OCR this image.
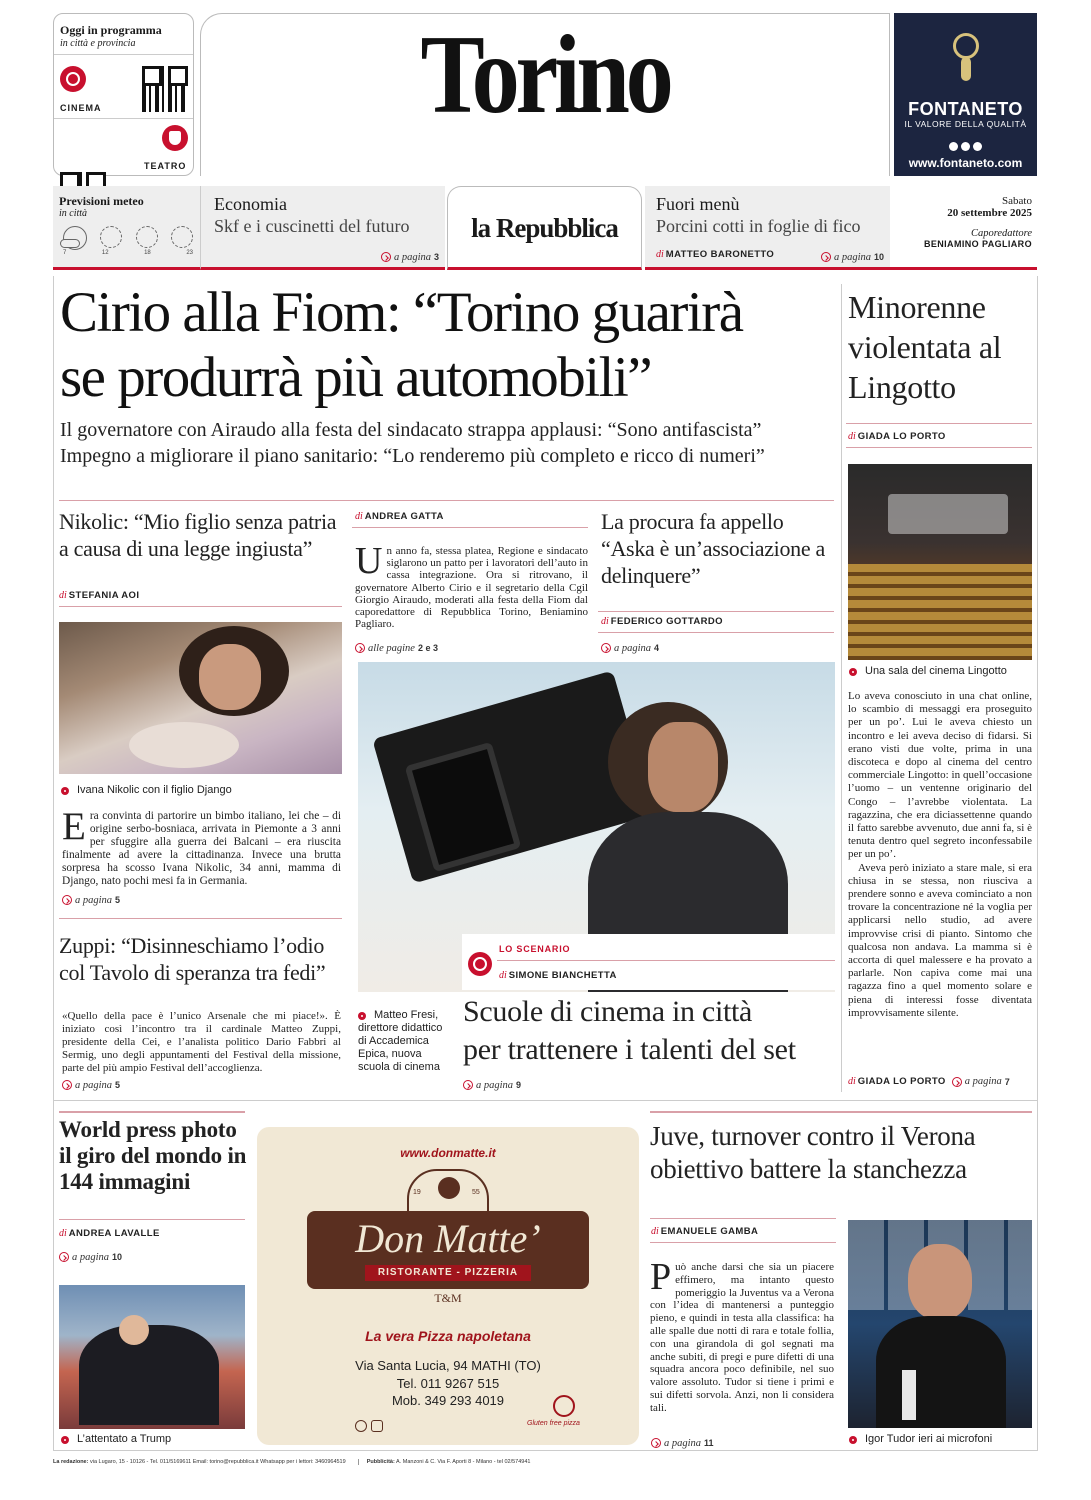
Oggi in programma
in città e provincia
CINEMA
TEATRO
Torino	FONTANETO
IL VALORE DELLA QUALITÀ
www.fontaneto.com
Previsioni meteo
in città
7	12	18	23
Economia
Skf e i cuscinetti del futuro
a pagina 3
la Repubblica
Fuori menù
Porcini cotti in foglie di fico
di MATTEO BARONETTO	a pagina 10
Sabato
20 settembre 2025
Caporedattore
BENIAMINO PAGLIARO
Cirio alla Fiom: “Torino guarirà
se produrrà più automobili”
Il governatore con Airaudo alla festa del sindacato strappa applausi: “Sono antifascista”
Impegno a migliorare il piano sanitario: “Lo renderemo più completo e ricco di numeri”
Nikolic: “Mio figlio senza patria a causa di una legge ingiusta”
di STEFANIA AOI
Ivana Nikolic con il figlio Django
Era convinta di partorire un bimbo italiano, lei che – di origine serbo-bosniaca, arrivata in Piemonte a 3 anni per sfuggire alla guerra dei Balcani – era riuscita finalmente ad avere la cittadinanza. Invece una brutta sorpresa ha scosso Ivana Nikolic, 34 anni, mamma di Django, nato pochi mesi fa in Germania.
a pagina 5
di ANDREA GATTA
Un anno fa, stessa platea, Regione e sindacato siglarono un patto per i lavoratori dell’auto in cassa integrazione. Ora si ritrovano, il governatore Alberto Cirio e il segretario della Cgil Giorgio Airaudo, moderati alla festa della Fiom dal caporedattore di Repubblica Torino, Beniamino Pagliaro.
alle pagine 2 e 3
La procura fa appello “Aska è un’associazione a delinquere”
di FEDERICO GOTTARDO
a pagina 4
LO SCENARIO
di SIMONE BIANCHETTA
Scuole di cinema in città
per trattenere i talenti del set
a pagina 9
Matteo Fresi, direttore didattico di Accademica Epica, nuova scuola di cinema
Zuppi: “Disinneschiamo l’odio col Tavolo di speranza tra fedi”
«Quello della pace è l’unico Arsenale che mi piace!». È iniziato così l’incontro tra il cardinale Matteo Zuppi, presidente della Cei, e l’analista politico Dario Fabbri al Sermig, uno degli appuntamenti del Festival della missione, parte del più ampio Festival dell’accoglienza.
a pagina 5
Minorenne violentata al Lingotto
di GIADA LO PORTO
Una sala del cinema Lingotto
Lo aveva conosciuto in una chat online, lo scambio di messaggi era proseguito per un po’. Lui le aveva chiesto un incontro e lei aveva deciso di fidarsi. Si erano visti due volte, prima in una discoteca e dopo al cinema del centro commerciale Lingotto: in quell’occasione l’uomo – un ventenne originario del Congo – l’avrebbe violentata. La ragazzina, che era diciassettenne quando il fatto sarebbe avvenuto, due anni fa, si è tenuta dentro quel segreto inconfessabile per un po’.
Aveva però iniziato a stare male, si era chiusa in se stessa, non riusciva a prendere sonno e aveva cominciato a non trovare la concentrazione né la voglia per applicarsi nello studio, ad avere improvvise crisi di pianto. Sintomo che qualcosa non andava. La mamma si è accorta di quel malessere e ha provato a parlarle. Non capiva come mai una ragazza fino a quel momento solare e piena di interessi fosse diventata improvvisamente silente.
di GIADA LO PORTO a pagina 7
World press photo il giro del mondo in 144 immagini
di ANDREA LAVALLE
a pagina 10
L’attentato a Trump
www.donmatte.it
19	55
Don Matte’
RISTORANTE - PIZZERIA
T&M
La vera Pizza napoletana
Via Santa Lucia, 94 MATHI (TO)
Tel. 011 9267 515
Mob. 349 293 4019
Gluten free pizza
Juve, turnover contro il Verona
obiettivo battere la stanchezza
di EMANUELE GAMBA
Può anche darsi che sia un piacere effimero, ma intanto questo pomeriggio la Juventus va a Verona con l’idea di mantenersi a punteggio pieno, e quindi in testa alla classifica: ha alle spalle due notti di rara e totale follia, con una girandola di gol segnati ma anche subiti, di pregi e pure difetti di una squadra ancora poco definibile, nel suo valore assoluto. Tudor si tiene i primi e sui difetti sorvola. Anzi, non li considera tali.
a pagina 11	Igor Tudor ieri ai microfoni
La redazione: via Lugaro, 15 - 10126 - Tel. 011/5169611 Email: torino@repubblica.it Whatsapp per i lettori: 3460964519	Pubblicità: A. Manzoni & C. Via F. Aporti 8 - Milano - tel 02/574941
